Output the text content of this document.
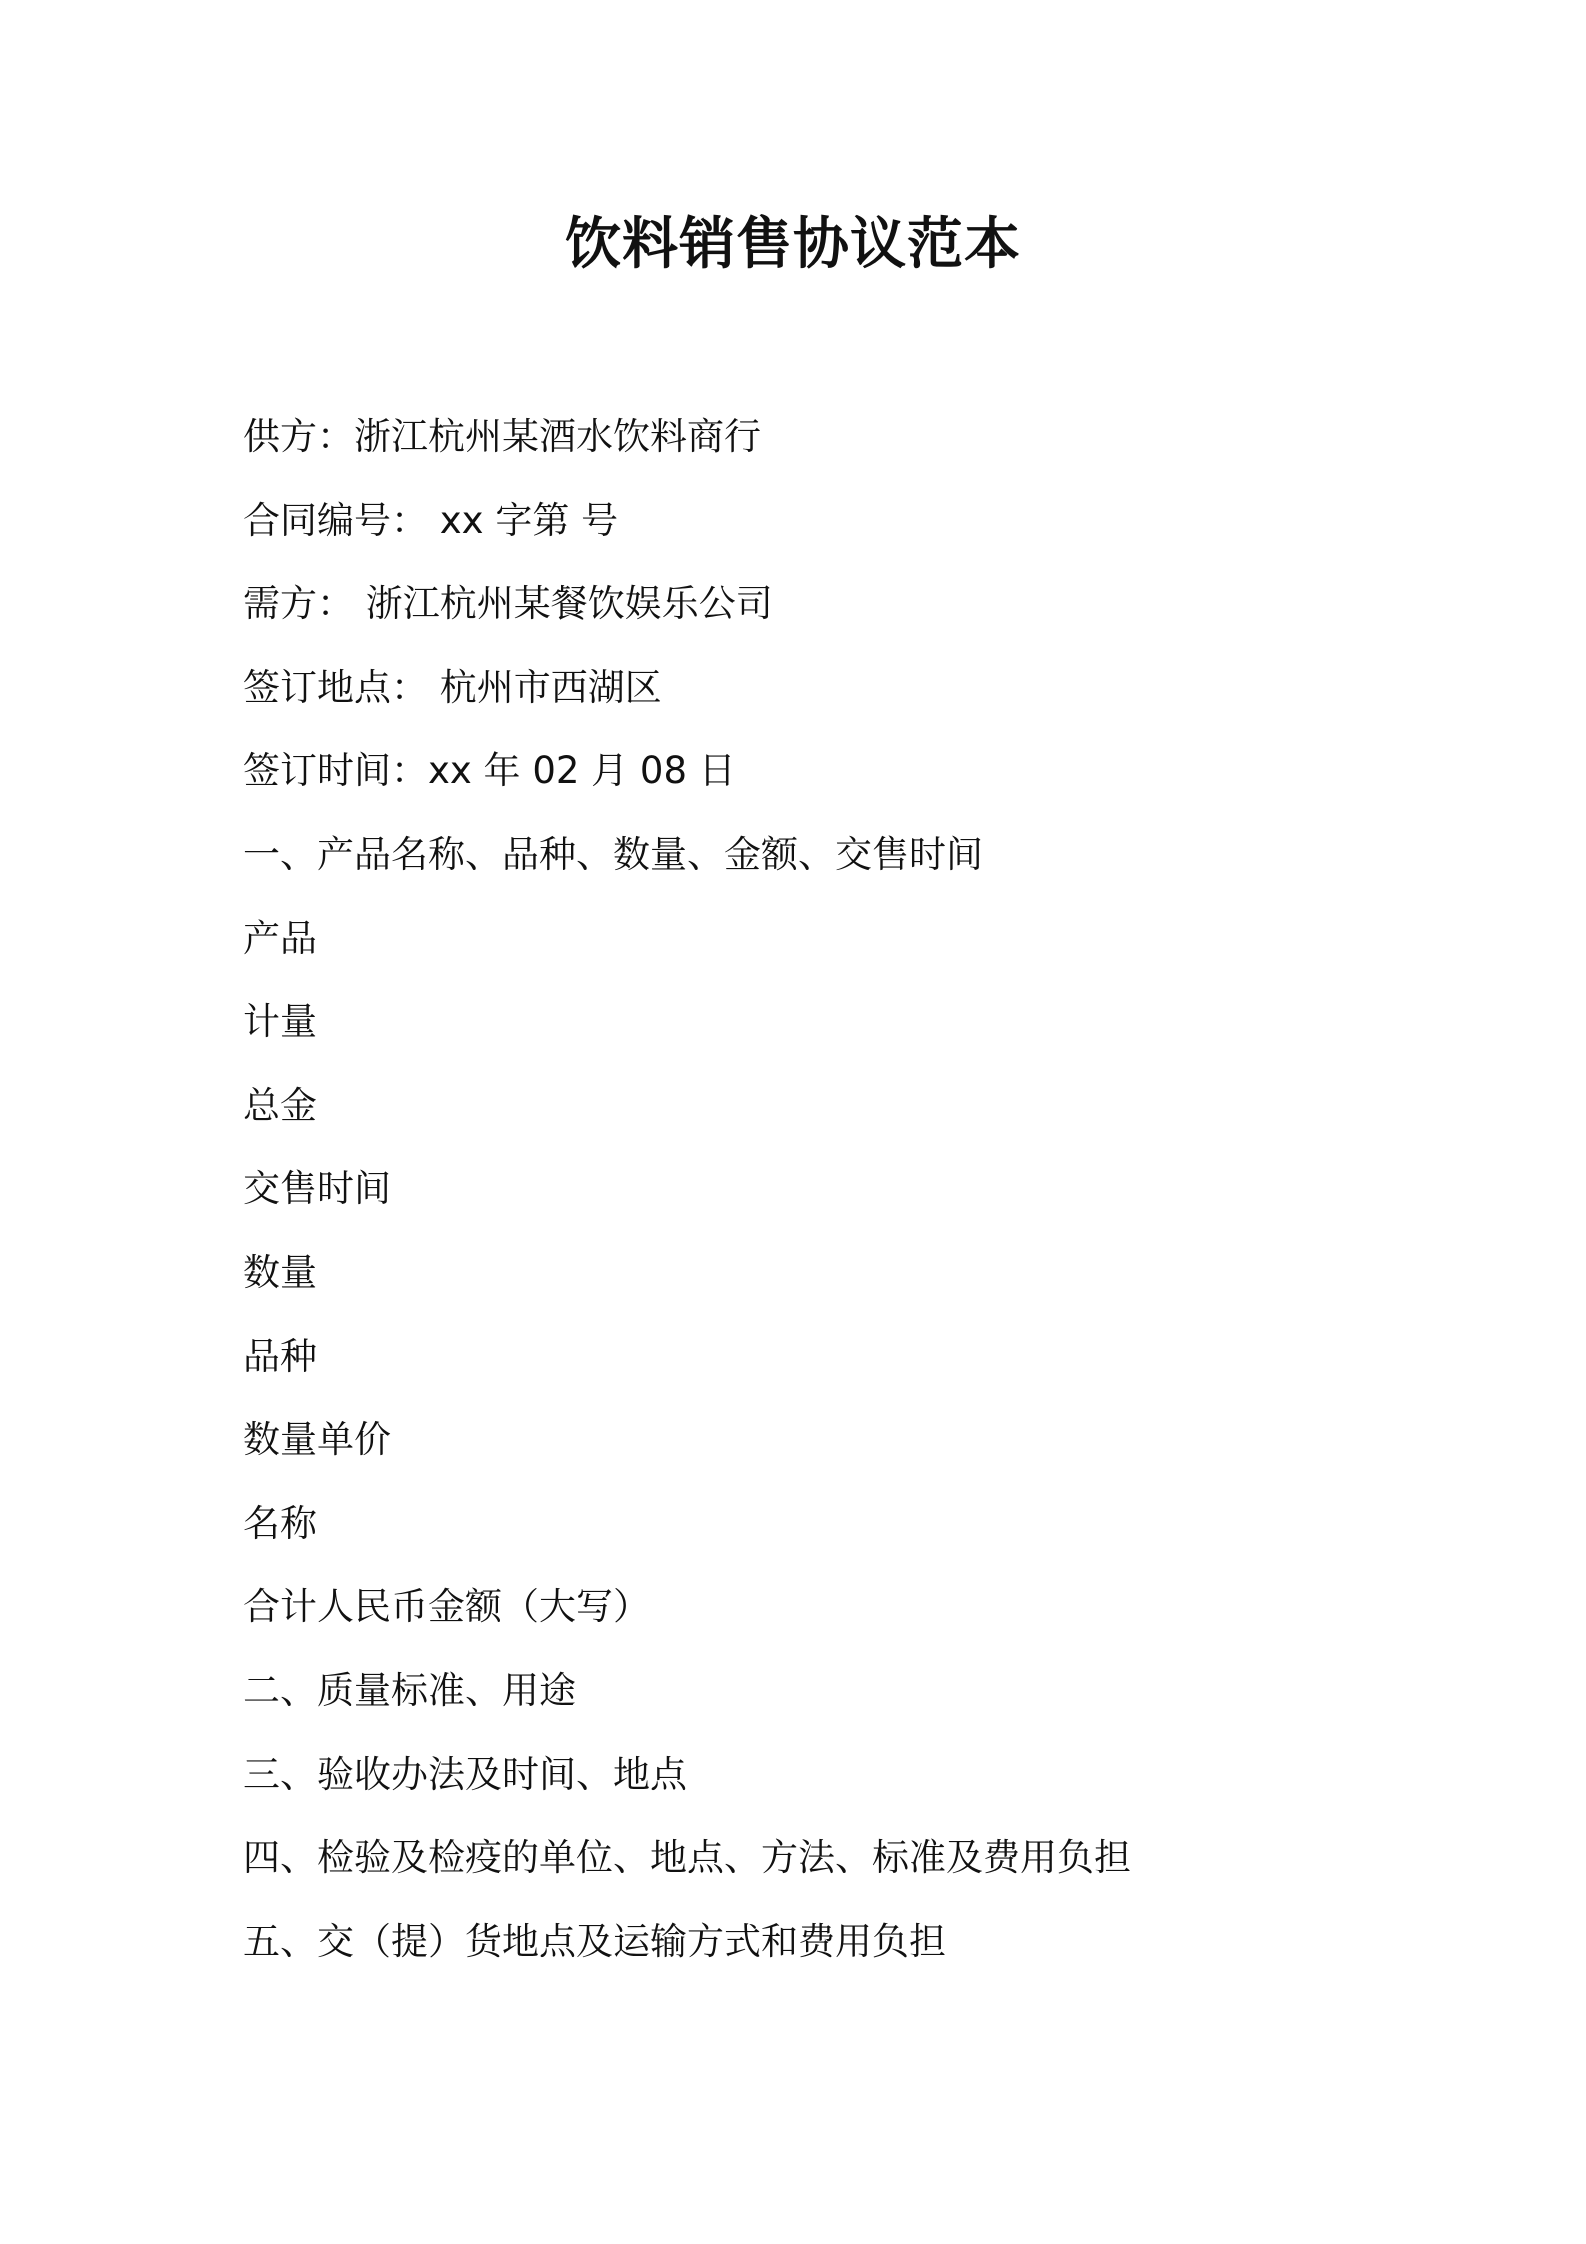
饮料销售协议范本
供方：浙江杭州某酒水饮料商行
合同编号： xx 字第 号
需方： 浙江杭州某餐饮娱乐公司
签订地点： 杭州市西湖区
签订时间：xx 年 02 月 08 日
一、产品名称、品种、数量、金额、交售时间
产品
计量
总金
交售时间
数量
品种
数量单价
名称
合计人民币金额（大写）
二、质量标准、用途
三、验收办法及时间、地点
四、检验及检疫的单位、地点、方法、标准及费用负担
五、交（提）货地点及运输方式和费用负担
